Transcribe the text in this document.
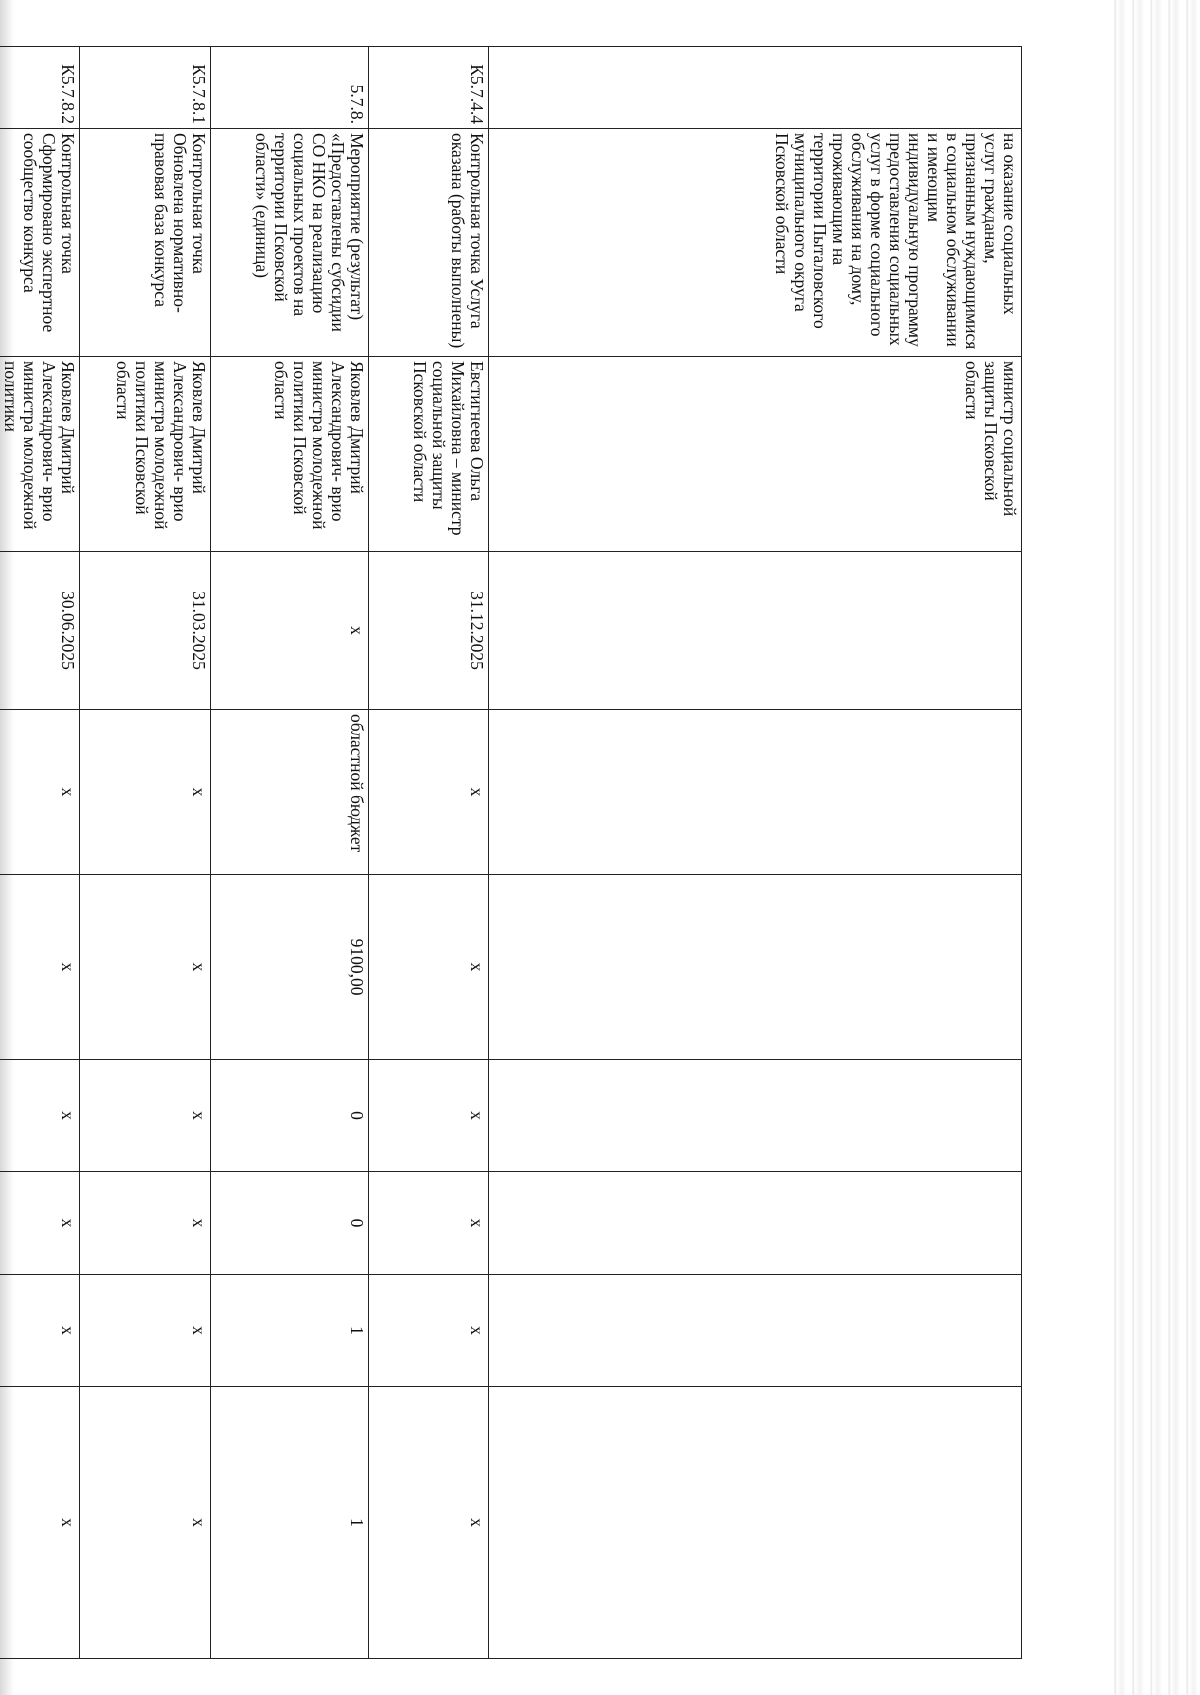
	на оказание социальных услуг гражданам, признанным нуждающимися в социальном обслуживании и имеющим индивидуальную программу предоставления социальных услуг в форме социального обслуживания на дому, проживающим на территории Пыталовского муниципального округа Псковской области	министр социальной защиты Псковской области							
К5.7.4.4	Контрольная точка Услуга оказана (работы выполнены)	Евстигнеева Ольга Михайловна – министр социальной защиты Псковской области	31.12.2025	x	x	x	x	x	x
5.7.8.	Мероприятие (результат) «Предоставлены субсидии СО НКО на реализацию социальных проектов на территории Псковской области» (единица)	Яковлев Дмитрий Александрович- врио министра молодежной политики Псковской области	x	областной бюджет	9100,00	0	0	1	1
К5.7.8.1	Контрольная точка Обновлена нормативно-правовая база конкурса	Яковлев Дмитрий Александрович- врио министра молодежной политики Псковской области	31.03.2025	x	x	x	x	x	x
К5.7.8.2	Контрольная точка Сформировано экспертное сообщество конкурса	Яковлев Дмитрий Александрович- врио министра молодежной политики	30.06.2025	x	x	x	x	x	x
